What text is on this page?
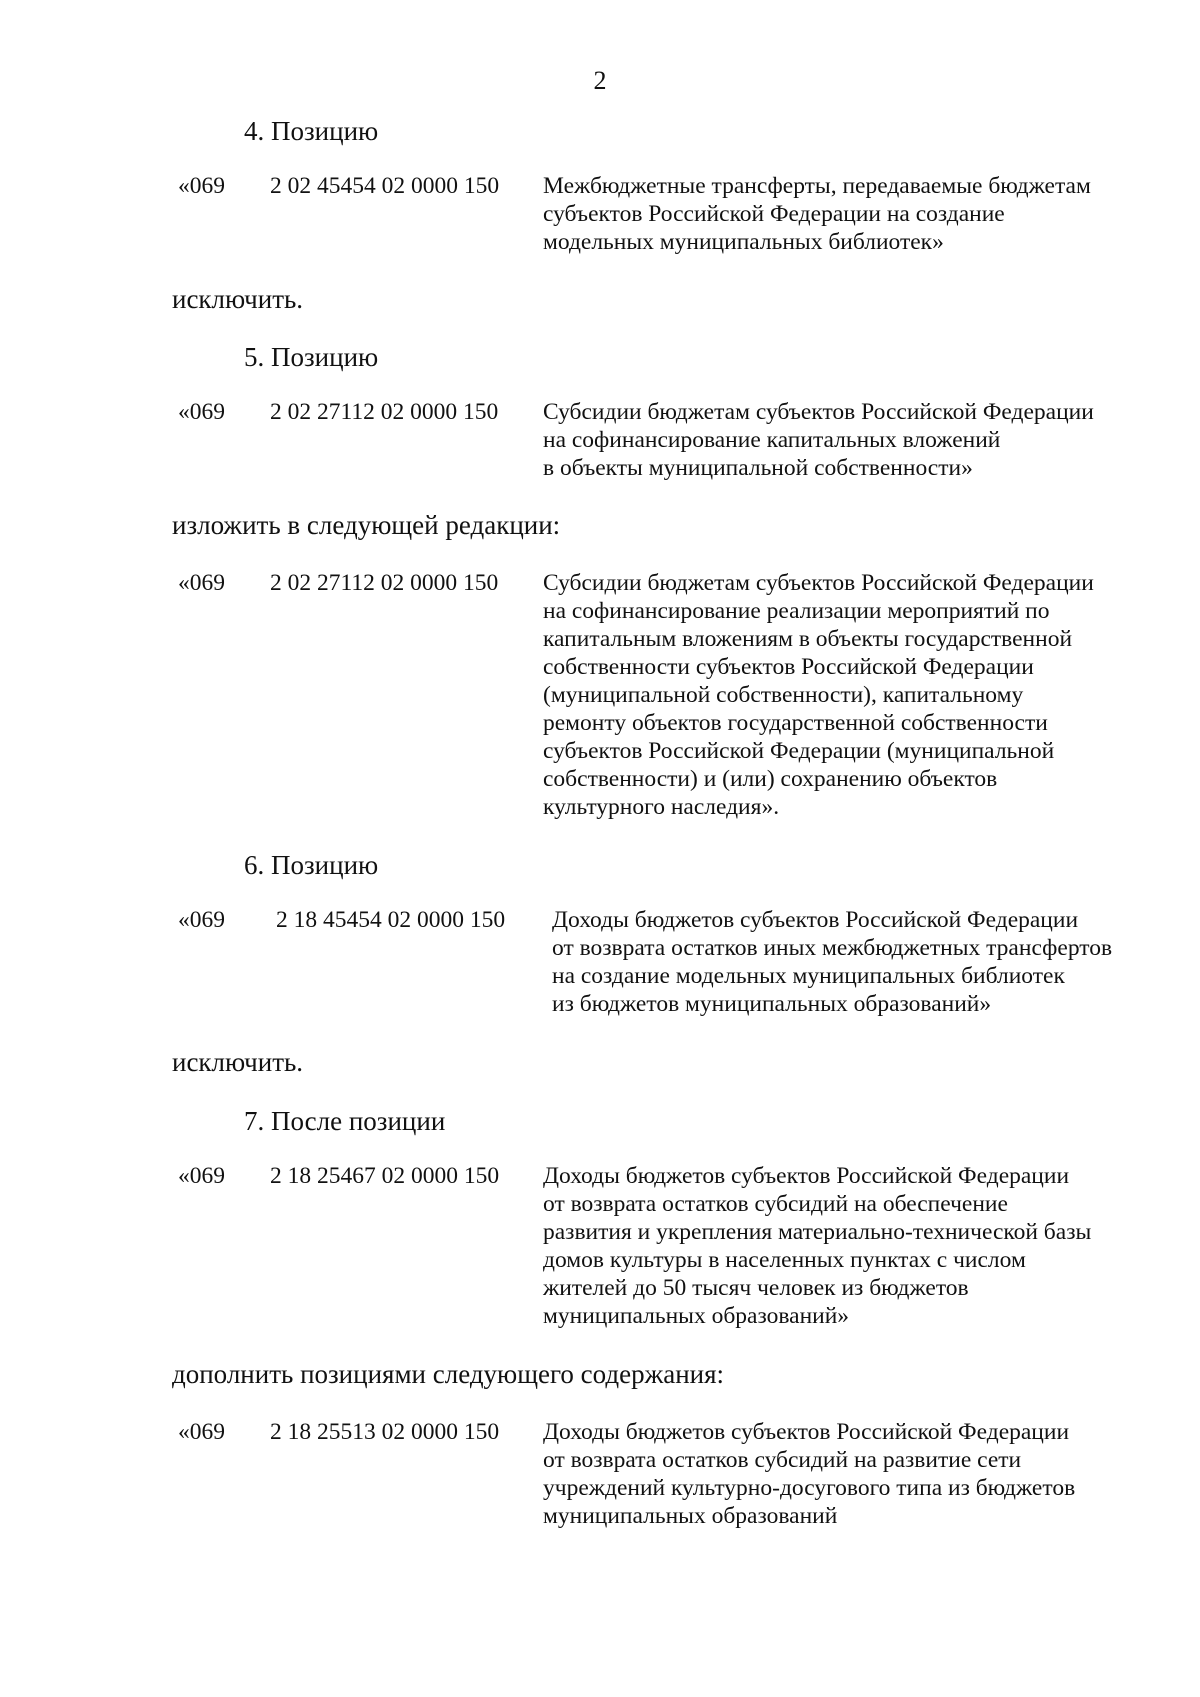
2
4. Позицию
«069 2 02 45454 02 0000 150 Межбюджетные трансферты, передаваемые бюджетам
субъектов Российской Федерации на создание
модельных муниципальных библиотек»
исключить.
5. Позицию
«069 2 02 27112 02 0000 150 Субсидии бюджетам субъектов Российской Федерации
на софинансирование капитальных вложений
в объекты муниципальной собственности»
изложить в следующей редакции:
«069 2 02 27112 02 0000 150 Субсидии бюджетам субъектов Российской Федерации
на софинансирование реализации мероприятий по
капитальным вложениям в объекты государственной
собственности субъектов Российской Федерации
(муниципальной собственности), капитальному
ремонту объектов государственной собственности
субъектов Российской Федерации (муниципальной
собственности) и (или) сохранению объектов
культурного наследия».
6. Позицию
«069 2 18 45454 02 0000 150 Доходы бюджетов субъектов Российской Федерации
от возврата остатков иных межбюджетных трансфертов
на создание модельных муниципальных библиотек
из бюджетов муниципальных образований»
исключить.
7. После позиции
«069 2 18 25467 02 0000 150 Доходы бюджетов субъектов Российской Федерации
от возврата остатков субсидий на обеспечение
развития и укрепления материально-технической базы
домов культуры в населенных пунктах с числом
жителей до 50 тысяч человек из бюджетов
муниципальных образований»
дополнить позициями следующего содержания:
«069 2 18 25513 02 0000 150 Доходы бюджетов субъектов Российской Федерации
от возврата остатков субсидий на развитие сети
учреждений культурно-досугового типа из бюджетов
муниципальных образований
